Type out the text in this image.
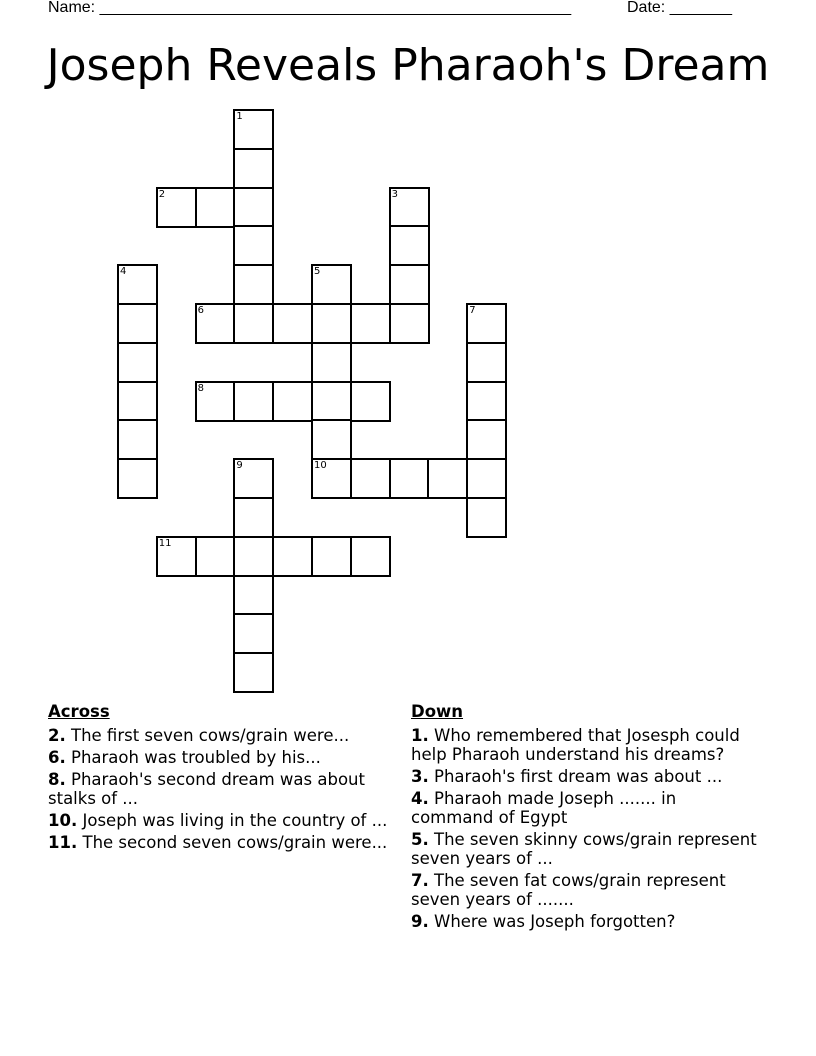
Name: _____________________________________________________	Date: _______
Joseph Reveals Pharaoh's Dream
1
2	3
4	5
6	7
8
9	10
11
Across
2. The first seven cows/grain were...
6. Pharaoh was troubled by his...
8. Pharaoh's second dream was about stalks of ...
10. Joseph was living in the country of ...
11. The second seven cows/grain were...
Down
1. Who remembered that Josesph could help Pharaoh understand his dreams?
3. Pharaoh's first dream was about ...
4. Pharaoh made Joseph ....... in command of Egypt
5. The seven skinny cows/grain represent seven years of ...
7. The seven fat cows/grain represent seven years of .......
9. Where was Joseph forgotten?
